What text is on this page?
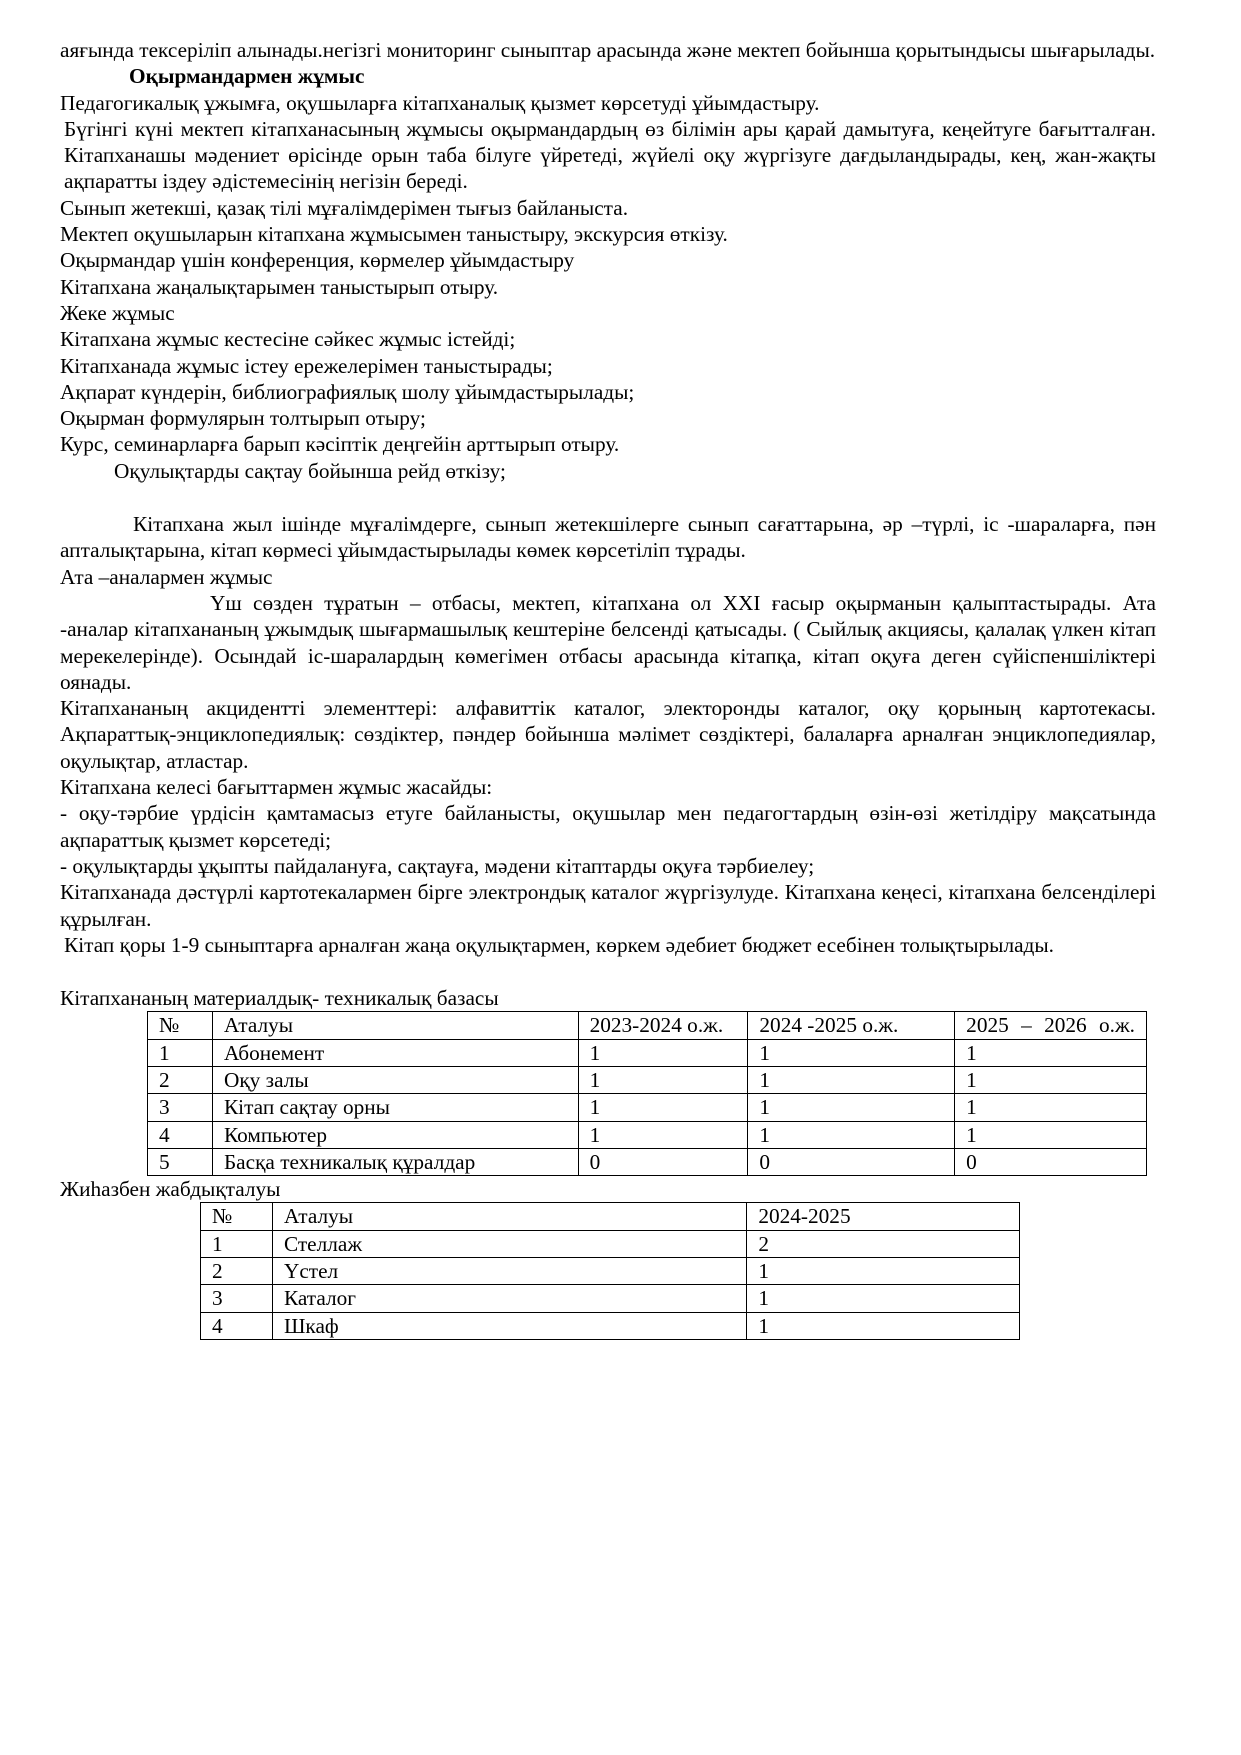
аяғында тексеріліп алынады.негізгі мониторинг сыныптар арасында және мектеп бойынша қорытындысы шығарылады.

Оқырмандармен жұмыс

Педагогикалық ұжымға, оқушыларға кітапханалық қызмет көрсетуді ұйымдастыру.

Бүгінгі күні мектеп кітапханасының жұмысы оқырмандардың өз білімін ары қарай дамытуға, кеңейтуге бағытталған. Кітапханашы мәдениет өрісінде орын таба білуге үйретеді, жүйелі оқу жүргізуге дағдыландырады, кең, жан-жақты ақпаратты іздеу әдістемесінің негізін береді.

Сынып жетекші, қазақ тілі мұғалімдерімен тығыз байланыста.

Мектеп оқушыларын кітапхана жұмысымен таныстыру, экскурсия өткізу.

Оқырмандар үшін конференция, көрмелер ұйымдастыру

Кітапхана жаңалықтарымен таныстырып отыру.

Жеке жұмыс

Кітапхана жұмыс кестесіне сәйкес жұмыс істейді;

Кітапханада жұмыс істеу ережелерімен таныстырады;

Ақпарат күндерін, библиографиялық шолу ұйымдастырылады;

Оқырман формулярын толтырып отыру;

Курс, семинарларға барып кәсіптік деңгейін арттырып отыру.

Оқулықтарды сақтау бойынша рейд өткізу;

Кітапхана жыл ішінде мұғалімдерге, сынып жетекшілерге сынып сағаттарына, әр –түрлі, іс -шараларға, пән апталықтарына, кітап көрмесі ұйымдастырылады көмек көрсетіліп тұрады.

Ата –аналармен жұмыс

Үш сөзден тұратын – отбасы, мектеп, кітапхана ол XXI ғасыр оқырманын қалыптастырады. Ата -аналар кітапхананың ұжымдық шығармашылық кештеріне белсенді қатысады. ( Сыйлық акциясы, қалалақ үлкен кітап мерекелерінде). Осындай іс-шаралардың көмегімен отбасы арасында кітапқа, кітап оқуға деген сүйіспеншіліктері оянады.

Кітапхананың акцидентті элементтері: алфавиттік каталог, электоронды каталог, оқу қорының картотекасы. Ақпараттық-энциклопедиялық: сөздіктер, пәндер бойынша мәлімет сөздіктері, балаларға арналған энциклопедиялар, оқулықтар, атластар.

Кітапхана келесі бағыттармен жұмыс жасайды:

- оқу-тәрбие үрдісін қамтамасыз етуге байланысты, оқушылар мен педагогтардың өзін-өзі жетілдіру мақсатында ақпараттық қызмет көрсетеді;

- оқулықтарды ұқыпты пайдалануға, сақтауға, мәдени кітаптарды оқуға тәрбиелеу;

Кітапханада дәстүрлі картотекалармен бірге электрондық каталог жүргізулуде. Кітапхана кеңесі, кітапхана белсенділері құрылған.

Кітап қоры 1-9 сыныптарға арналған жаңа оқулықтармен, көркем әдебиет бюджет есебінен толықтырылады.

Кітапхананың материалдық- техникалық базасы

№	Аталуы	2023-2024 о.ж.	2024 -2025 о.ж.	2025 – 2026 о.ж.
1	Абонемент	1	1	1
2	Оқу залы	1	1	1
3	Кітап сақтау орны	1	1	1
4	Компьютер	1	1	1
5	Басқа техникалық құралдар	0	0	0

Жиһазбен жабдықталуы

№	Аталуы	2024-2025
1	Стеллаж	2
2	Үстел	1
3	Каталог	1
4	Шкаф	1
